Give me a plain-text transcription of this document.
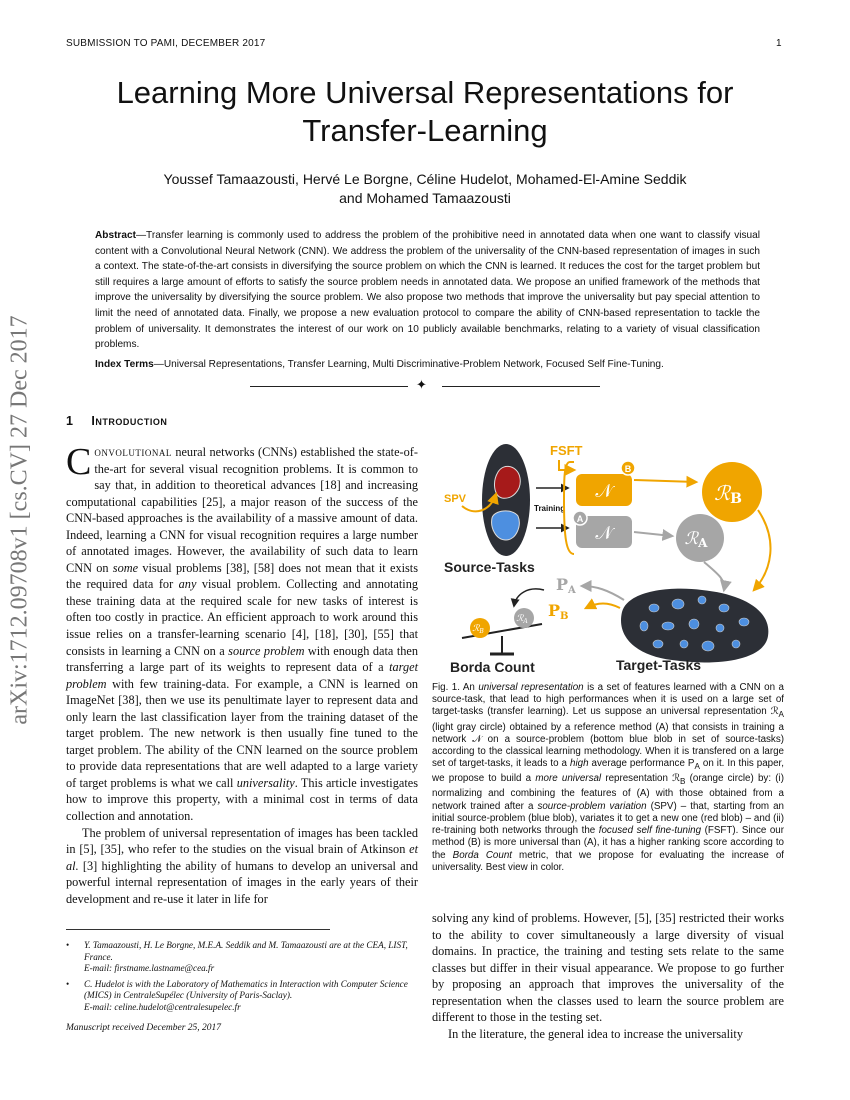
SUBMISSION TO PAMI, DECEMBER 2017	1
arXiv:1712.09708v1 [cs.CV] 27 Dec 2017
Learning More Universal Representations for Transfer-Learning
Youssef Tamaazousti, Hervé Le Borgne, Céline Hudelot, Mohamed-El-Amine Seddik
and Mohamed Tamaazousti
Abstract—Transfer learning is commonly used to address the problem of the prohibitive need in annotated data when one want to classify visual content with a Convolutional Neural Network (CNN). We address the problem of the universality of the CNN-based representation of images in such a context. The state-of-the-art consists in diversifying the source problem on which the CNN is learned. It reduces the cost for the target problem but still requires a large amount of efforts to satisfy the source problem needs in annotated data. We propose an unified framework of the methods that improve the universality by diversifying the source problem. We also propose two methods that improve the universality but pay special attention to limit the need of annotated data. Finally, we propose a new evaluation protocol to compare the ability of CNN-based representation to tackle the problem of universality. It demonstrates the interest of our work on 10 publicly available benchmarks, relating to a variety of visual classification problems.
Index Terms—Universal Representations, Transfer Learning, Multi Discriminative-Problem Network, Focused Self Fine-Tuning.
✦
1 Introduction

Convolutional neural networks (CNNs) established the state-of-the-art for several visual recognition problems. It is common to say that, in addition to theoretical advances [18] and increasing computational capabilities [25], a major reason of the success of the CNN-based approaches is the availability of a massive amount of data. Indeed, learning a CNN for visual recognition requires a large number of annotated images. However, the availability of such data to learn CNN on some visual problems [38], [58] does not mean that it exists the required data for any visual problem. Collecting and annotating these training data at the required scale for new tasks of interest is often too costly in practice. An efficient approach to work around this issue relies on a transfer-learning scenario [4], [18], [30], [55] that consists in learning a CNN on a source problem with enough data then transferring a large part of its weights to represent data of a target problem with few training-data. For example, a CNN is learned on ImageNet [38], then we use its penultimate layer to represent data and only learn the last classification layer from the training dataset of the target problem. The new network is then usually fine tuned to the target problem. The ability of the CNN learned on the source problem to provide data representations that are well adapted to a large variety of target problems is what we call universality. This article investigates how to improve this property, with a minimal cost in terms of data collection and annotation.

The problem of universal representation of images has been tackled in [5], [35], who refer to the studies on the visual brain of Atkinson et al. [3] highlighting the ability of humans to develop an universal and powerful internal representation of images in the early years of their development and re-use it later in life for

• Y. Tamaazousti, H. Le Borgne, M.E.A. Seddik and M. Tamaazousti are at the CEA, LIST, France.
E-mail: firstname.lastname@cea.fr
• C. Hudelot is with the Laboratory of Mathematics in Interaction with Computer Science (MICS) in CentraleSupélec (University of Paris-Saclay).
E-mail: celine.hudelot@centralesupelec.fr
Manuscript received December 25, 2017
FSFT
SPV
Training
𝒩
B
𝒩
A
ℛB
ℛA
Source-Tasks
Target-Tasks
Borda Count
PA
PB
ℛ$_B$
ℛ$_A$
Fig. 1. An universal representation is a set of features learned with a CNN on a source-task, that lead to high performances when it is used on a large set of target-tasks (transfer learning). Let us suppose an universal representation ℛ$_A$ (light gray circle) obtained by a reference method (A) that consists in training a network 𝒩 on a source-problem (bottom blue blob in set of source-tasks) according to the classical learning methodology. When it is transfered on a large set of target-tasks, it leads to a high average performance $P_A$ on it. In this paper, we propose to build a more universal representation ℛ$_B$ (orange circle) by: (i) normalizing and combining the features of (A) with those obtained from a network trained after a source-problem variation (SPV) – that, starting from an initial source-problem (blue blob), variates it to get a new one (red blob) – and (ii) re-training both networks through the focused self fine-tuning (FSFT). Since our method (B) is more universal than (A), it has a higher ranking score according to the Borda Count metric, that we propose for evaluating the increase of universality. Best view in color.

solving any kind of problems. However, [5], [35] restricted their works to the ability to cover simultaneously a large diversity of visual domains. In practice, the training and testing sets relate to the same classes but differ in their visual appearance. We propose to go further by proposing an approach that improves the universality of the representation when the classes used to learn the source problem are different to those in the testing set.

In the literature, the general idea to increase the universality
